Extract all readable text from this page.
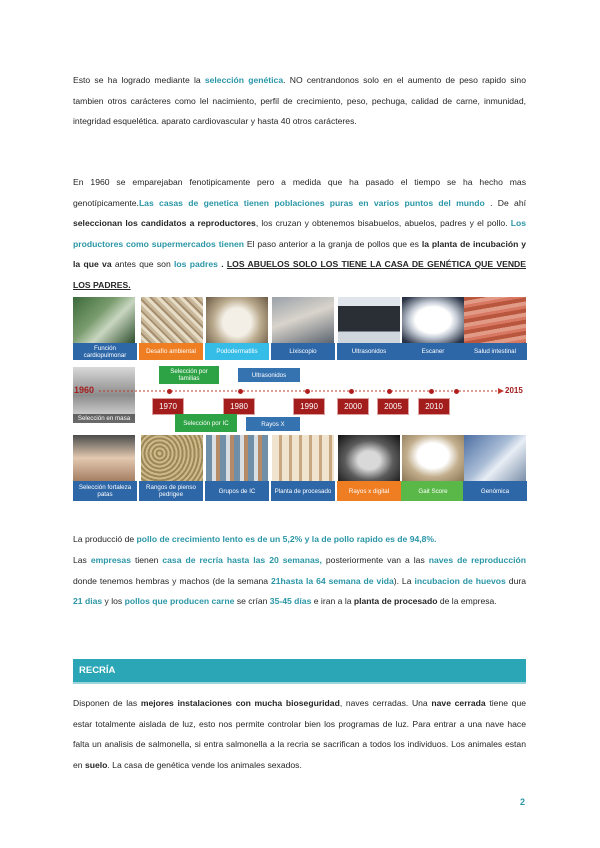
Esto se ha logrado mediante la selección genética. NO centrandonos solo en el aumento de peso rapido sino tambien otros carácteres como lel nacimiento, perfil de crecimiento, peso, pechuga, calidad de carne, inmunidad, integridad esquelética. aparato cardiovascular y hasta 40 otros carácteres.

En 1960 se emparejaban fenotipicamente pero a medida que ha pasado el tiempo se ha hecho mas genotípicamente.Las casas de genetica tienen poblaciones puras en varios puntos del mundo . De ahí seleccionan los candidatos a reproductores, los cruzan y obtenemos bisabuelos, abuelos, padres y el pollo. Los productores como supermercados tienen El paso anterior a la granja de pollos que es la planta de incubación y la que va antes que son los padres . LOS ABUELOS SOLO LOS TIENE LA CASA DE GENÉTICA QUE VENDE LOS PADRES.

Función cardiopulmonar	Desafío ambiental	Pododermatitis	Lixiscopio	Ultrasonidos	Escaner	Salud intestinal
1960
Selección en masa
2015
Selección por familias	Ultrasonidos
1970	1980	1990	2000	2005	2010
Selección por IC	Rayos X
Selección fortaleza patas
Rangos de pienso pedrigee	Grupos de IC	Planta de procesado	Rayos x digital	Gait Score	Genómica

La producció de pollo de crecimiento lento es de un 5,2% y la de pollo rapido es de 94,8%.

Las empresas tienen casa de recría hasta las 20 semanas, posteriormente van a las naves de reproducción donde tenemos hembras y machos (de la semana 21hasta la 64 semana de vida). La incubacion de huevos dura 21 dias y los pollos que producen carne se crían 35-45 días e iran a la planta de procesado de la empresa.

RECRÍA

Disponen de las mejores instalaciones con mucha bioseguridad, naves cerradas. Una nave cerrada tiene que estar totalmente aislada de luz, esto nos permite controlar bien los programas de luz. Para entrar a una nave hace falta un analisis de salmonella, si entra salmonella a la recria se sacrifican a todos los individuos. Los animales estan en suelo. La casa de genética vende los animales sexados.

2
